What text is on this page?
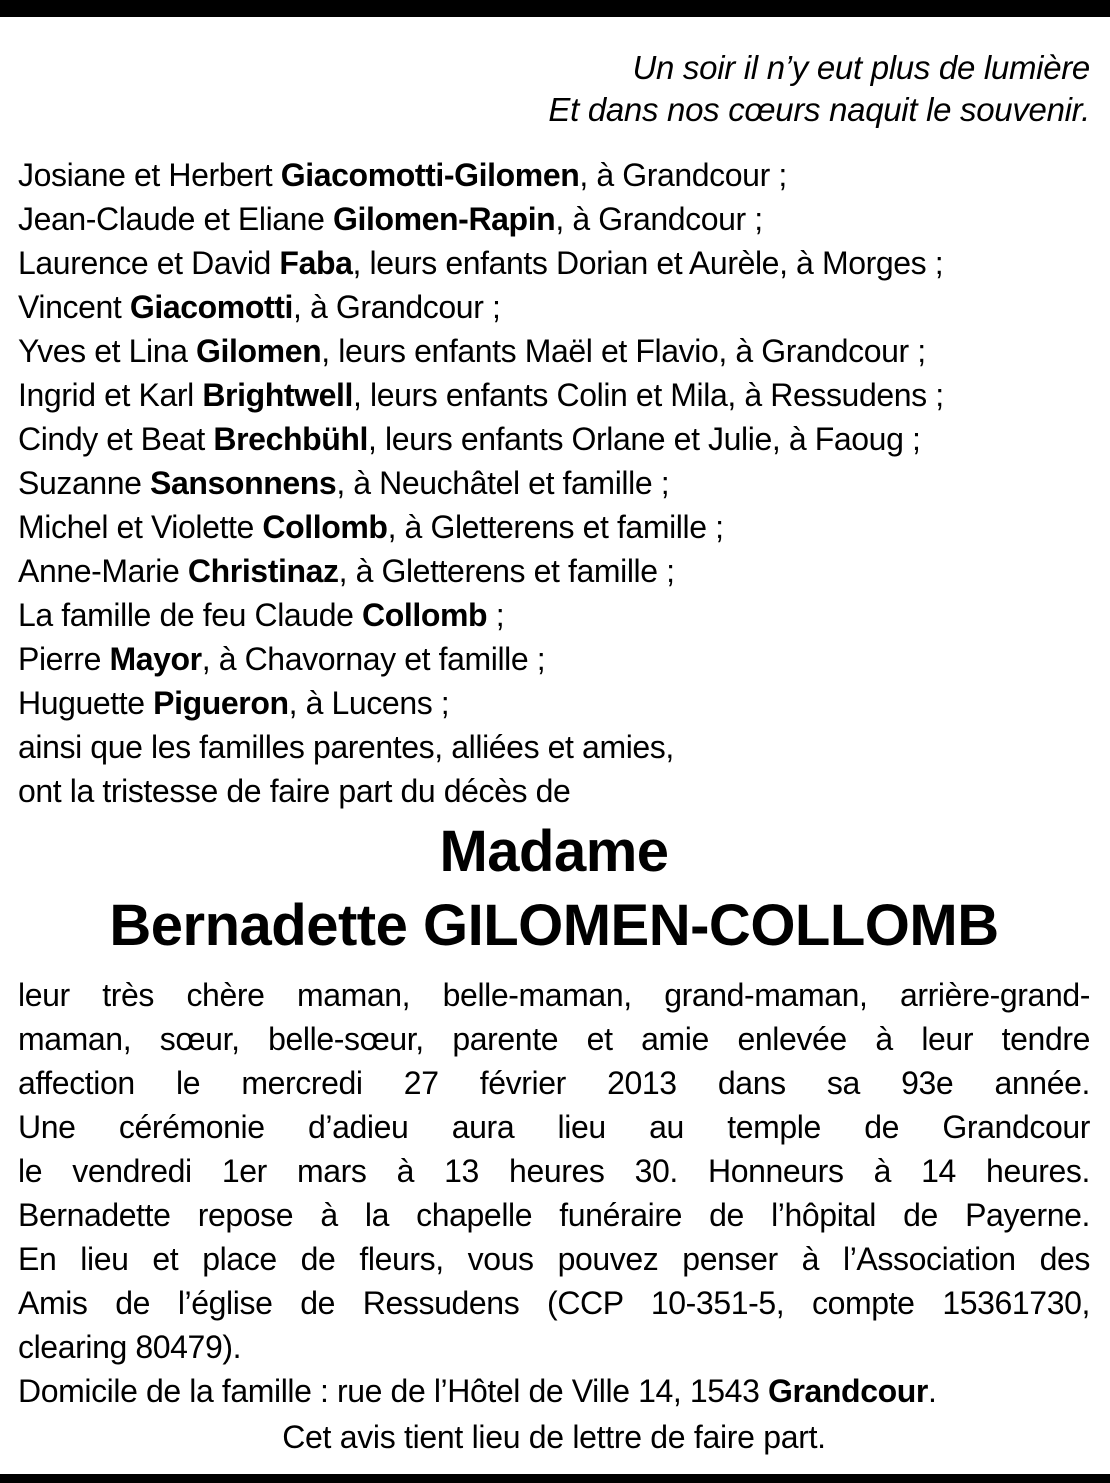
Un soir il n’y eut plus de lumière
Et dans nos cœurs naquit le souvenir.
Josiane et Herbert Giacomotti-Gilomen, à Grandcour ;
Jean-Claude et Eliane Gilomen-Rapin, à Grandcour ;
Laurence et David Faba, leurs enfants Dorian et Aurèle, à Morges ;
Vincent Giacomotti, à Grandcour ;
Yves et Lina Gilomen, leurs enfants Maël et Flavio, à Grandcour ;
Ingrid et Karl Brightwell, leurs enfants Colin et Mila, à Ressudens ;
Cindy et Beat Brechbühl, leurs enfants Orlane et Julie, à Faoug ;
Suzanne Sansonnens, à Neuchâtel et famille ;
Michel et Violette Collomb, à Gletterens et famille ;
Anne-Marie Christinaz, à Gletterens et famille ;
La famille de feu Claude Collomb ;
Pierre Mayor, à Chavornay et famille ;
Huguette Pigueron, à Lucens ;
ainsi que les familles parentes, alliées et amies,
ont la tristesse de faire part du décès de
Madame
Bernadette GILOMEN-COLLOMB
leur très chère maman, belle-maman, grand-maman, arrière-grand-
maman, sœur, belle-sœur, parente et amie enlevée à leur tendre
affection le mercredi 27 février 2013 dans sa 93e année.
Une cérémonie d’adieu aura lieu au temple de Grandcour
le vendredi 1er mars à 13 heures 30. Honneurs à 14 heures.
Bernadette repose à la chapelle funéraire de l’hôpital de Payerne.
En lieu et place de fleurs, vous pouvez penser à l’Association des
Amis de l’église de Ressudens (CCP 10-351-5, compte 15361730,
clearing 80479).
Domicile de la famille : rue de l’Hôtel de Ville 14, 1543 Grandcour.
Cet avis tient lieu de lettre de faire part.
